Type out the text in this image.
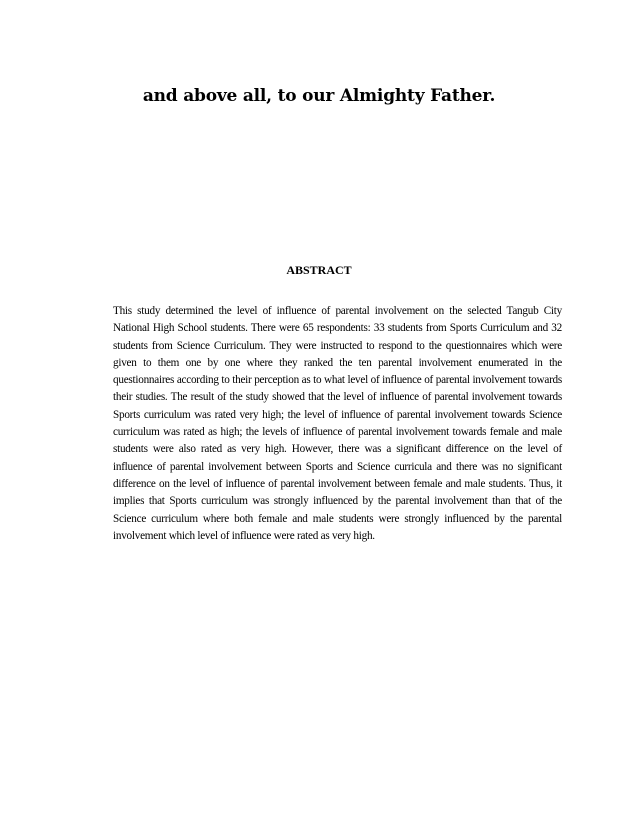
and above all, to our Almighty Father.

ABSTRACT

This study determined the level of influence of parental involvement on the selected Tangub City National High School students. There were 65 respondents: 33 students from Sports Curriculum and 32 students from Science Curriculum. They were instructed to respond to the questionnaires which were given to them one by one where they ranked the ten parental involvement enumerated in the questionnaires according to their perception as to what level of influence of parental involvement towards their studies. The result of the study showed that the level of influence of parental involvement towards Sports curriculum was rated very high; the level of influence of parental involvement towards Science curriculum was rated as high; the levels of influence of parental involvement towards female and male students were also rated as very high. However, there was a significant difference on the level of influence of parental involvement between Sports and Science curricula and there was no significant difference on the level of influence of parental involvement between female and male students. Thus, it implies that Sports curriculum was strongly influenced by the parental involvement than that of the Science curriculum where both female and male students were strongly influenced by the parental involvement which level of influence were rated as very high.
